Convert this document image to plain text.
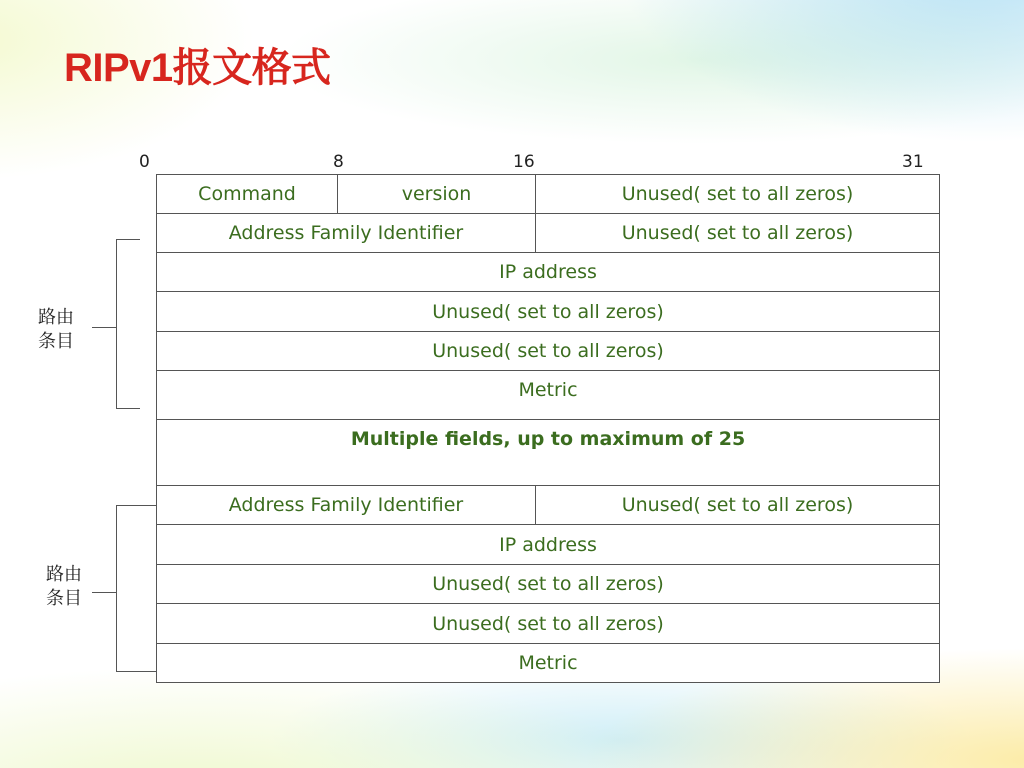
RIPv1报文格式
0	8	16	31
Command	version	Unused( set to all zeros)
Address Family Identifier	Unused( set to all zeros)
IP address
Unused( set to all zeros)
Unused( set to all zeros)
Metric
Multiple fields, up to maximum of 25
Address Family Identifier	Unused( set to all zeros)
IP address
Unused( set to all zeros)
Unused( set to all zeros)
Metric
路由
条目
路由
条目
